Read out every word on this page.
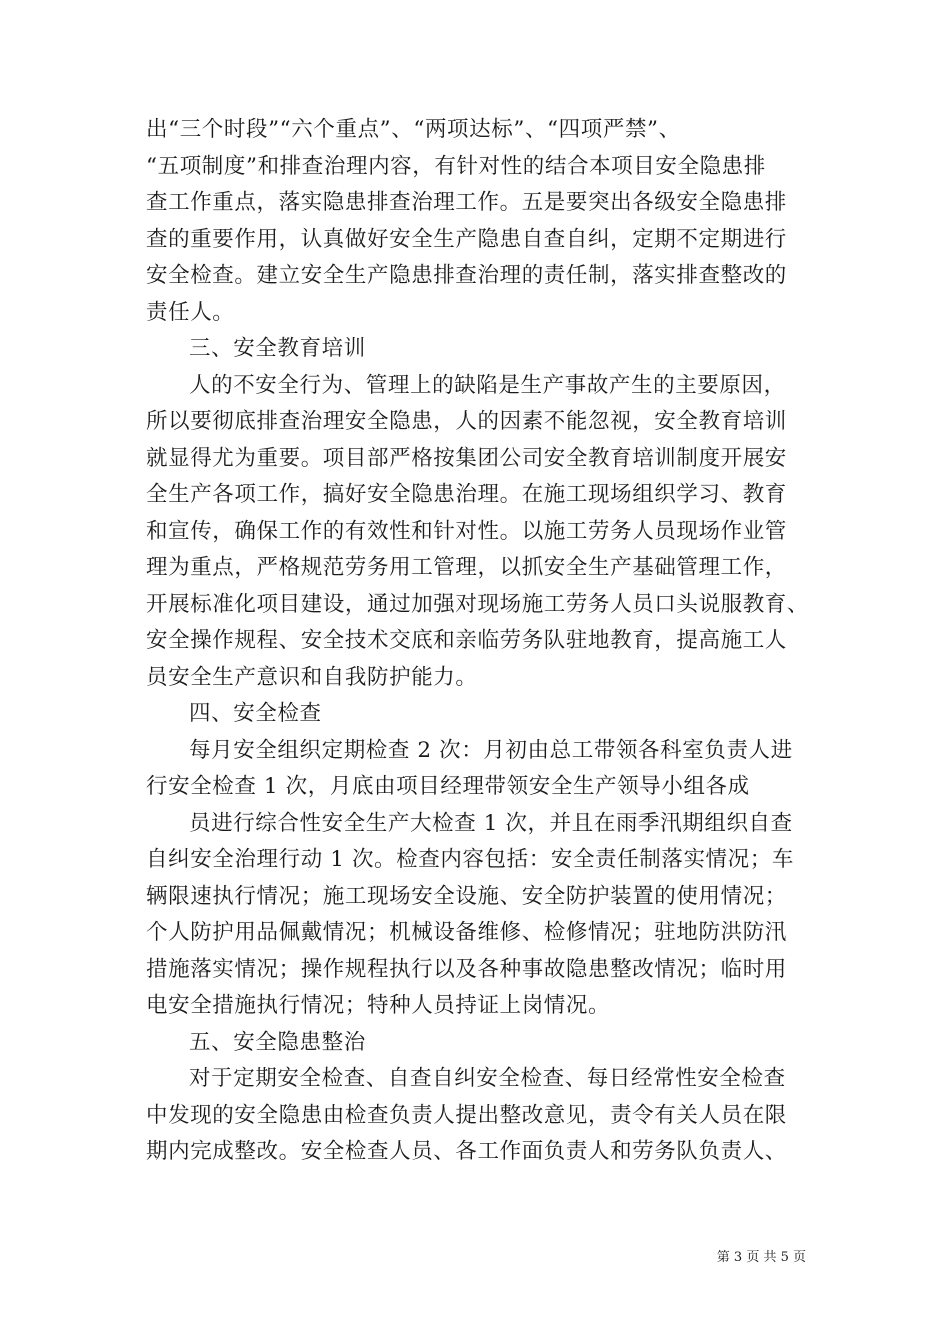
出“三个时段”“六个重点”、“两项达标”、“四项严禁”、
“五项制度”和排查治理内容，有针对性的结合本项目安全隐患排
查工作重点，落实隐患排查治理工作。五是要突出各级安全隐患排
查的重要作用，认真做好安全生产隐患自查自纠，定期不定期进行
安全检查。建立安全生产隐患排查治理的责任制，落实排查整改的
责任人。
三、安全教育培训
人的不安全行为、管理上的缺陷是生产事故产生的主要原因，
所以要彻底排查治理安全隐患，人的因素不能忽视，安全教育培训
就显得尤为重要。项目部严格按集团公司安全教育培训制度开展安
全生产各项工作，搞好安全隐患治理。在施工现场组织学习、教育
和宣传，确保工作的有效性和针对性。以施工劳务人员现场作业管
理为重点，严格规范劳务用工管理，以抓安全生产基础管理工作，
开展标准化项目建设，通过加强对现场施工劳务人员口头说服教育、
安全操作规程、安全技术交底和亲临劳务队驻地教育，提高施工人
员安全生产意识和自我防护能力。
四、安全检查
每月安全组织定期检查 2 次：月初由总工带领各科室负责人进
行安全检查 1 次，月底由项目经理带领安全生产领导小组各成
员进行综合性安全生产大检查 1 次，并且在雨季汛期组织自查
自纠安全治理行动 1 次。检查内容包括：安全责任制落实情况；车
辆限速执行情况；施工现场安全设施、安全防护装置的使用情况；
个人防护用品佩戴情况；机械设备维修、检修情况；驻地防洪防汛
措施落实情况；操作规程执行以及各种事故隐患整改情况；临时用
电安全措施执行情况；特种人员持证上岗情况。
五、安全隐患整治
对于定期安全检查、自查自纠安全检查、每日经常性安全检查
中发现的安全隐患由检查负责人提出整改意见，责令有关人员在限
期内完成整改。安全检查人员、各工作面负责人和劳务队负责人、
第 3 页 共 5 页
